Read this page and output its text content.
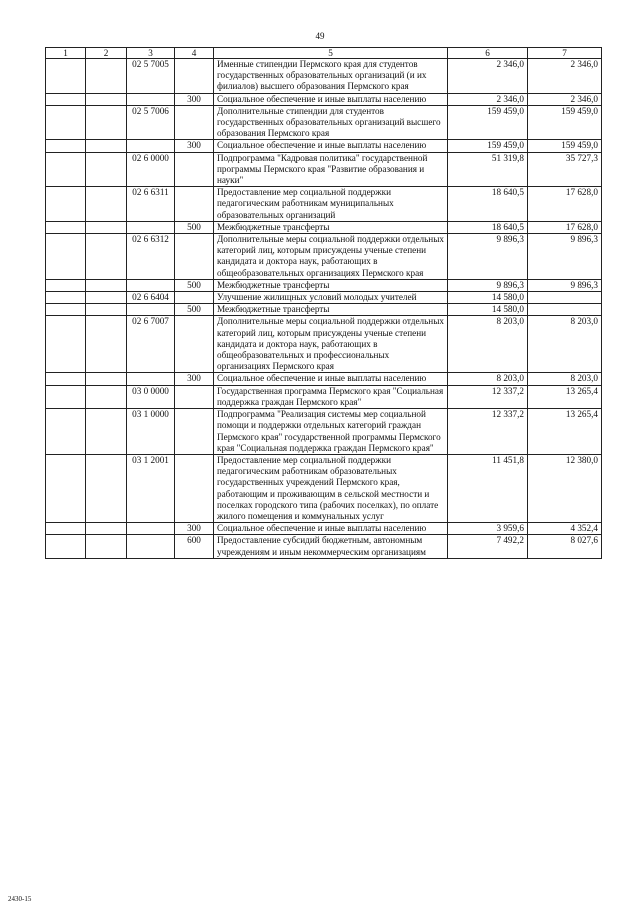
49
1	2	3	4	5	6	7
		02 5 7005		Именные стипендии Пермского края для студентов государственных образовательных организаций (и их филиалов) высшего образования Пермского края	2 346,0	2 346,0
			300	Социальное обеспечение и иные выплаты населению	2 346,0	2 346,0
		02 5 7006		Дополнительные стипендии для студентов государственных образовательных организаций высшего образования Пермского края	159 459,0	159 459,0
			300	Социальное обеспечение и иные выплаты населению	159 459,0	159 459,0
		02 6 0000		Подпрограмма "Кадровая политика" государственной программы Пермского края "Развитие образования и науки"	51 319,8	35 727,3
		02 6 6311		Предоставление мер социальной поддержки педагогическим работникам муниципальных образовательных организаций	18 640,5	17 628,0
			500	Межбюджетные трансферты	18 640,5	17 628,0
		02 6 6312		Дополнительные меры социальной поддержки отдельных категорий лиц, которым присуждены ученые степени кандидата и доктора наук, работающих в общеобразовательных организациях Пермского края	9 896,3	9 896,3
			500	Межбюджетные трансферты	9 896,3	9 896,3
		02 6 6404		Улучшение жилищных условий молодых учителей	14 580,0	
			500	Межбюджетные трансферты	14 580,0	
		02 6 7007		Дополнительные меры социальной поддержки отдельных категорий лиц, которым присуждены ученые степени кандидата и доктора наук, работающих в общеобразовательных и профессиональных организациях Пермского края	8 203,0	8 203,0
			300	Социальное обеспечение и иные выплаты населению	8 203,0	8 203,0
		03 0 0000		Государственная программа Пермского края "Социальная поддержка граждан Пермского края"	12 337,2	13 265,4
		03 1 0000		Подпрограмма "Реализация системы мер социальной помощи и поддержки отдельных категорий граждан Пермского края" государственной программы Пермского края "Социальная поддержка граждан Пермского края"	12 337,2	13 265,4
		03 1 2001		Предоставление мер социальной поддержки педагогическим работникам образовательных государственных учреждений Пермского края, работающим и проживающим в сельской местности и поселках городского типа (рабочих поселках), по оплате жилого помещения и коммунальных услуг	11 451,8	12 380,0
			300	Социальное обеспечение и иные выплаты населению	3 959,6	4 352,4
			600	Предоставление субсидий бюджетным, автономным учреждениям и иным некоммерческим организациям	7 492,2	8 027,6
2430-15
